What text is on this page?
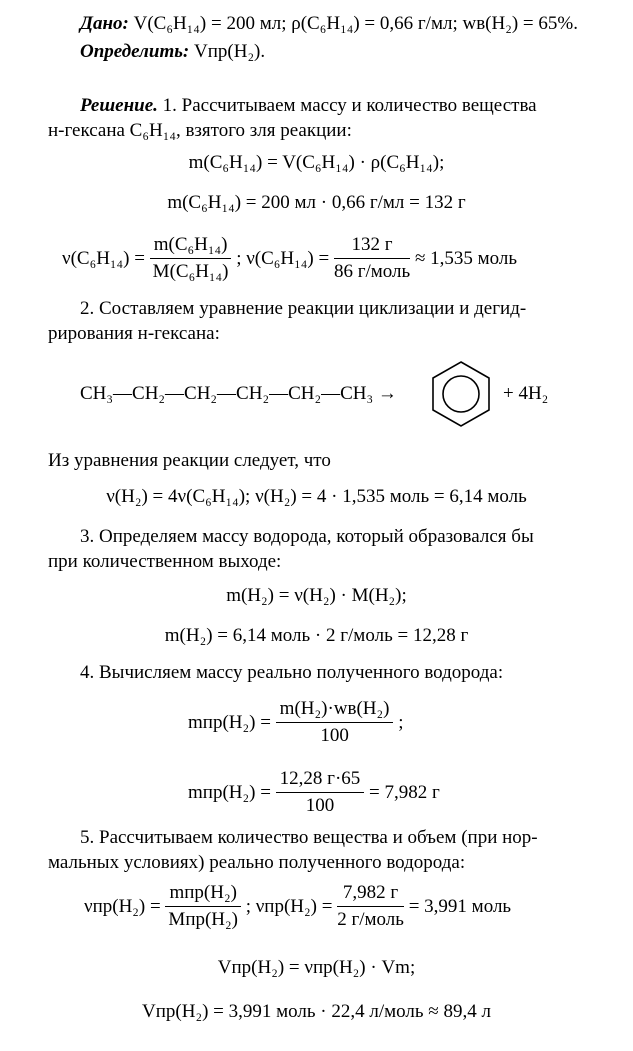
Дано: V(C₆H₁₄) = 200 мл; ρ(C₆H₁₄) = 0,66 г/мл; wв(H₂) = 65%.
Определить: Vпр(H₂).
Решение. 1. Рассчитываем массу и количество вещества
н-гексана C₆H₁₄, взятого зля реакции:
m(C₆H₁₄) = V(C₆H₁₄) · ρ(C₆H₁₄);
m(C₆H₁₄) = 200 мл · 0,66 г/мл = 132 г
$\nu(C_6H_{14}) = \frac{\text{m(C₆H₁₄)}}{\text{M(C₆H₁₄)}}$ ; $\nu(C_6H_{14}) = \frac{132 г}{\text{86 г/моль}} \approx 1,535$ моль
2. Составляем уравнение реакции циклизации и дегид-
рирования н-гексана:
CH₃—CH₂—CH₂—CH₂—CH₂—CH₃ →	+ 4H₂
Из уравнения реакции следует, что
ν(H₂) = 4ν(C₆H₁₄); ν(H₂) = 4 · 1,535 моль = 6,14 моль
3. Определяем массу водорода, который образовался бы
при количественном выходе:
m(H₂) = ν(H₂) · M(H₂);
m(H₂) = 6,14 моль · 2 г/моль = 12,28 г
4. Вычисляем массу реально полученного водорода:
$mпр(H_2) = \frac{\text{m(H₂)·wв(H₂)}}{100}$ ;
$mпр(H_2) = \frac{12,28 г\cdot 65}{100} = 7,982$ г
5. Рассчитываем количество вещества и объем (при нор-
мальных условиях) реально полученного водорода:
$\nu пр(H_2) = \frac{\text{mпр(H₂)}}{\text{Mпр(H₂)}}$ ; $\nu пр(H_2) = \frac{7,982 г}{\text{2 г/моль}} = 3,991$ моль
Vпр(H₂) = νпр(H₂) · Vm;
Vпр(H₂) = 3,991 моль · 22,4 л/моль ≈ 89,4 л
